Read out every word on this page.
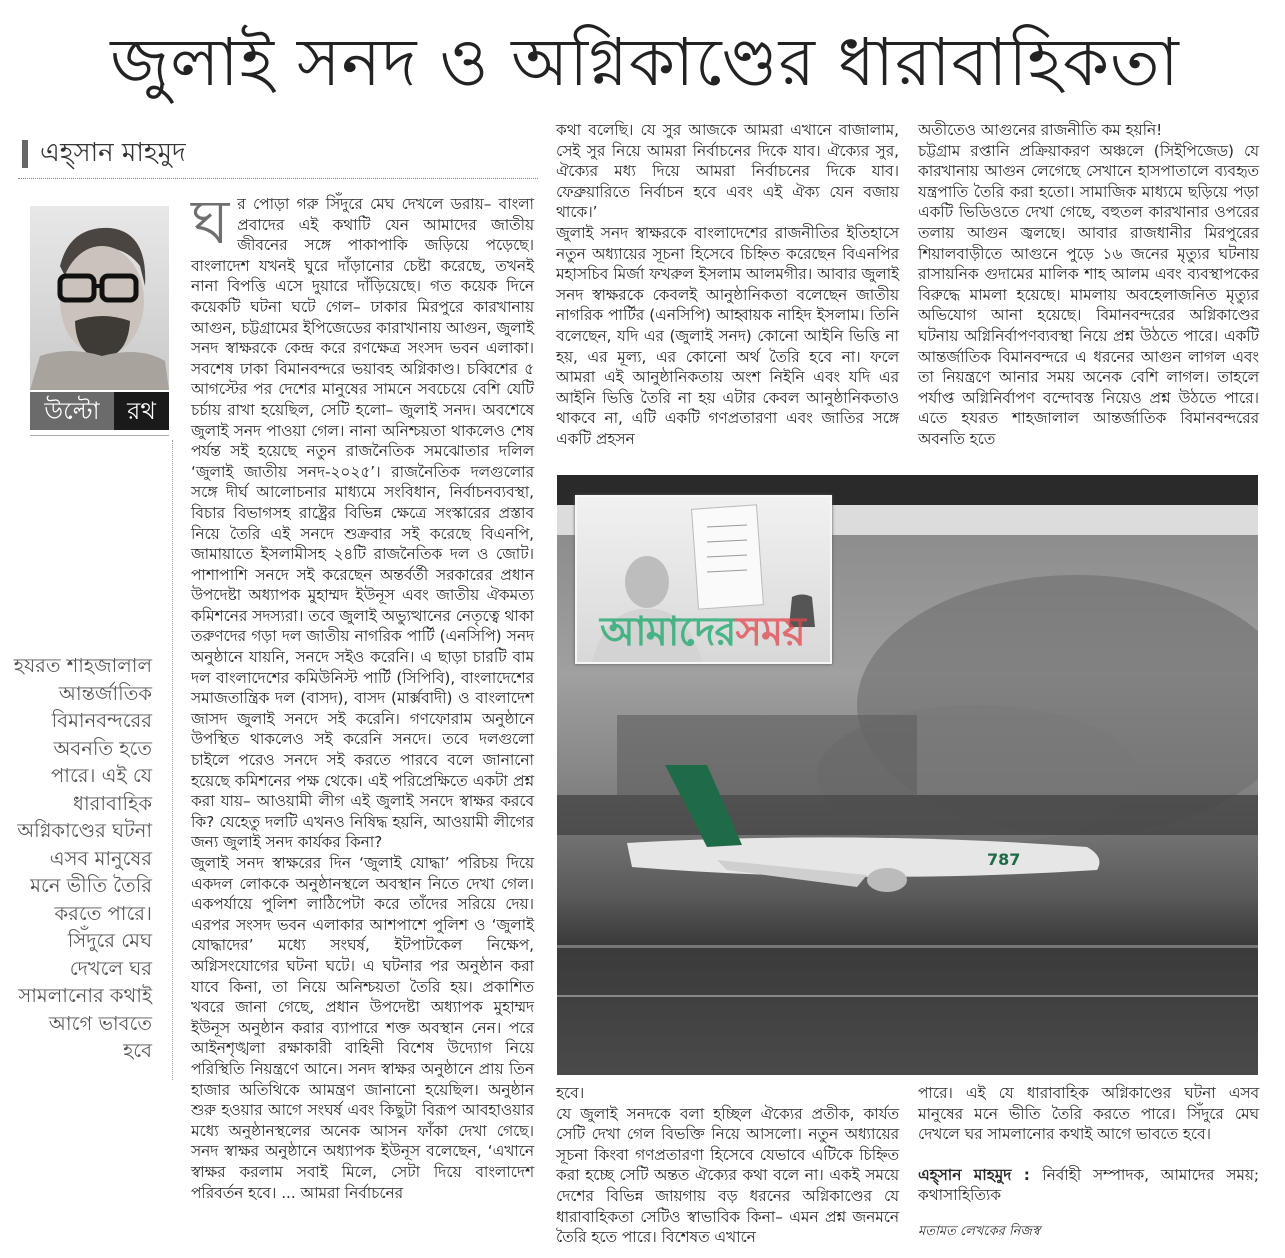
জুলাই সনদ ও অগ্নিকাণ্ডের ধারাবাহিকতা
এহ্‌সান মাহমুদ
উল্টো	রথ
হযরত শাহজালাল
আন্তর্জাতিক
বিমানবন্দরের
অবনতি হতে
পারে। এই যে
ধারাবাহিক
অগ্নিকাণ্ডের ঘটনা
এসব মানুষের
মনে ভীতি তৈরি
করতে পারে।
সিঁদুরে মেঘ
দেখলে ঘর
সামলানোর কথাই
আগে ভাবতে
হবে

ঘর পোড়া গরু সিঁদুরে মেঘ দেখলে ডরায়– বাংলা প্রবাদের এই কথাটি যেন আমাদের জাতীয় জীবনের সঙ্গে পাকাপাকি জড়িয়ে পড়েছে। বাংলাদেশ যখনই ঘুরে দাঁড়ানোর চেষ্টা করেছে, তখনই নানা বিপত্তি এসে দুয়ারে দাঁড়িয়েছে। গত কয়েক দিনে কয়েকটি ঘটনা ঘটে গেল– ঢাকার মিরপুরে কারখানায় আগুন, চট্টগ্রামের ইপিজেডের কারাখানায় আগুন, জুলাই সনদ স্বাক্ষরকে কেন্দ্র করে রণক্ষেত্র সংসদ ভবন এলাকা। সবশেষ ঢাকা বিমানবন্দরে ভয়াবহ অগ্নিকাণ্ড। চব্বিশের ৫ আগস্টের পর দেশের মানুষের সামনে সবচেয়ে বেশি যেটি চর্চায় রাখা হয়েছিল, সেটি হলো– জুলাই সনদ। অবশেষে জুলাই সনদ পাওয়া গেল। নানা অনিশ্চয়তা থাকলেও শেষ পর্যন্ত সই হয়েছে নতুন রাজনৈতিক সমঝোতার দলিল ‘জুলাই জাতীয় সনদ-২০২৫’। রাজনৈতিক দলগুলোর সঙ্গে দীর্ঘ আলোচনার মাধ্যমে সংবিধান, নির্বাচনব্যবস্থা, বিচার বিভাগসহ রাষ্ট্রের বিভিন্ন ক্ষেত্রে সংস্কারের প্রস্তাব নিয়ে তৈরি এই সনদে শুক্রবার সই করেছে বিএনপি, জামায়াতে ইসলামীসহ ২৪টি রাজনৈতিক দল ও জোট। পাশাপাশি সনদে সই করেছেন অন্তর্বর্তী সরকারের প্রধান উপদেষ্টা অধ্যাপক মুহাম্মদ ইউনূস এবং জাতীয় ঐকমত্য কমিশনের সদস্যরা। তবে জুলাই অভ্যুত্থানের নেতৃত্বে থাকা তরুণদের গড়া দল জাতীয় নাগরিক পার্টি (এনসিপি) সনদ অনুষ্ঠানে যায়নি, সনদে সইও করেনি। এ ছাড়া চারটি বাম দল বাংলাদেশের কমিউনিস্ট পার্টি (সিপিবি), বাংলাদেশের সমাজতান্ত্রিক দল (বাসদ), বাসদ (মার্ক্সবাদী) ও বাংলাদেশ জাসদ জুলাই সনদে সই করেনি। গণফোরাম অনুষ্ঠানে উপস্থিত থাকলেও সই করেনি সনদে। তবে দলগুলো চাইলে পরেও সনদে সই করতে পারবে বলে জানানো হয়েছে কমিশনের পক্ষ থেকে। এই পরিপ্রেক্ষিতে একটা প্রশ্ন করা যায়– আওয়ামী লীগ এই জুলাই সনদে স্বাক্ষর করবে কি? যেহেতু দলটি এখনও নিষিদ্ধ হয়নি, আওয়ামী লীগের জন্য জুলাই সনদ কার্যকর কিনা?

জুলাই সনদ স্বাক্ষরের দিন ‘জুলাই যোদ্ধা’ পরিচয় দিয়ে একদল লোককে অনুষ্ঠানস্থলে অবস্থান নিতে দেখা গেল। একপর্যায়ে পুলিশ লাঠিপেটা করে তাঁদের সরিয়ে দেয়। এরপর সংসদ ভবন এলাকার আশপাশে পুলিশ ও ‘জুলাই যোদ্ধাদের’ মধ্যে সংঘর্ষ, ইটপাটকেল নিক্ষেপ, অগ্নিসংযোগের ঘটনা ঘটে। এ ঘটনার পর অনুষ্ঠান করা যাবে কিনা, তা নিয়ে অনিশ্চয়তা তৈরি হয়। প্রকাশিত খবরে জানা গেছে, প্রধান উপদেষ্টা অধ্যাপক মুহাম্মদ ইউনূস অনুষ্ঠান করার ব্যাপারে শক্ত অবস্থান নেন। পরে আইনশৃঙ্খলা রক্ষাকারী বাহিনী বিশেষ উদ্যোগ নিয়ে পরিস্থিতি নিয়ন্ত্রণে আনে। সনদ স্বাক্ষর অনুষ্ঠানে প্রায় তিন হাজার অতিথিকে আমন্ত্রণ জানানো হয়েছিল। অনুষ্ঠান শুরু হওয়ার আগে সংঘর্ষ এবং কিছুটা বিরূপ আবহাওয়ার মধ্যে অনুষ্ঠানস্থলের অনেক আসন ফাঁকা দেখা গেছে। সনদ স্বাক্ষর অনুষ্ঠানে অধ্যাপক ইউনূস বলেছেন, ‘এখানে স্বাক্ষর করলাম সবাই মিলে, সেটা দিয়ে বাংলাদেশ পরিবর্তন হবে। ... আমরা নির্বাচনের

কথা বলেছি। যে সুর আজকে আমরা এখানে বাজালাম, সেই সুর নিয়ে আমরা নির্বাচনের দিকে যাব। ঐক্যের সুর, ঐক্যের মধ্য দিয়ে আমরা নির্বাচনের দিকে যাব। ফেব্রুয়ারিতে নির্বাচন হবে এবং এই ঐক্য যেন বজায় থাকে।’

জুলাই সনদ স্বাক্ষরকে বাংলাদেশের রাজনীতির ইতিহাসে নতুন অধ্যায়ের সূচনা হিসেবে চিহ্নিত করেছেন বিএনপির মহাসচিব মির্জা ফখরুল ইসলাম আলমগীর। আবার জুলাই সনদ স্বাক্ষরকে কেবলই আনুষ্ঠানিকতা বলেছেন জাতীয় নাগরিক পার্টির (এনসিপি) আহ্বায়ক নাহিদ ইসলাম। তিনি বলেছেন, যদি এর (জুলাই সনদ) কোনো আইনি ভিত্তি না হয়, এর মূল্য, এর কোনো অর্থ তৈরি হবে না। ফলে আমরা এই আনুষ্ঠানিকতায় অংশ নিইনি এবং যদি এর আইনি ভিত্তি তৈরি না হয় এটার কেবল আনুষ্ঠানিকতাও থাকবে না, এটি একটি গণপ্রতারণা এবং জাতির সঙ্গে একটি প্রহসন

অতীতেও আগুনের রাজনীতি কম হয়নি!

চট্টগ্রাম রপ্তানি প্রক্রিয়াকরণ অঞ্চলে (সিইপিজেড) যে কারখানায় আগুন লেগেছে সেখানে হাসপাতালে ব্যবহৃত যন্ত্রপাতি তৈরি করা হতো। সামাজিক মাধ্যমে ছড়িয়ে পড়া একটি ভিডিওতে দেখা গেছে, বহুতল কারখানার ওপরের তলায় আগুন জ্বলছে। আবার রাজধানীর মিরপুরের শিয়ালবাড়ীতে আগুনে পুড়ে ১৬ জনের মৃত্যুর ঘটনায় রাসায়নিক গুদামের মালিক শাহ আলম এবং ব্যবস্থাপকের বিরুদ্ধে মামলা হয়েছে। মামলায় অবহেলাজনিত মৃত্যুর অভিযোগ আনা হয়েছে। বিমানবন্দরের অগ্নিকাণ্ডের ঘটনায় অগ্নিনির্বাপণব্যবস্থা নিয়ে প্রশ্ন উঠতে পারে। একটি আন্তর্জাতিক বিমানবন্দরে এ ধরনের আগুন লাগল এবং তা নিয়ন্ত্রণে আনার সময় অনেক বেশি লাগল। তাহলে পর্যাপ্ত অগ্নিনির্বাপণ বন্দোবস্ত নিয়েও প্রশ্ন উঠতে পারে। এতে হযরত শাহজালাল আন্তর্জাতিক বিমানবন্দরের অবনতি হতে

787
আমাদেরসময়

হবে।

যে জুলাই সনদকে বলা হচ্ছিল ঐক্যের প্রতীক, কার্যত সেটি দেখা গেল বিভক্তি নিয়ে আসলো। নতুন অধ্যায়ের সূচনা কিংবা গণপ্রতারণা হিসেবে যেভাবে এটিকে চিহ্নিত করা হচ্ছে সেটি অন্তত ঐক্যের কথা বলে না। একই সময়ে দেশের বিভিন্ন জায়গায় বড় ধরনের অগ্নিকাণ্ডের যে ধারাবাহিকতা সেটিও স্বাভাবিক কিনা– এমন প্রশ্ন জনমনে তৈরি হতে পারে। বিশেষত এখানে

পারে। এই যে ধারাবাহিক অগ্নিকাণ্ডের ঘটনা এসব মানুষের মনে ভীতি তৈরি করতে পারে। সিঁদুরে মেঘ দেখলে ঘর সামলানোর কথাই আগে ভাবতে হবে।

এহ্‌সান মাহমুদ : নির্বাহী সম্পাদক, আমাদের সময়; কথাসাহিত্যিক

মতামত লেখকের নিজস্ব
